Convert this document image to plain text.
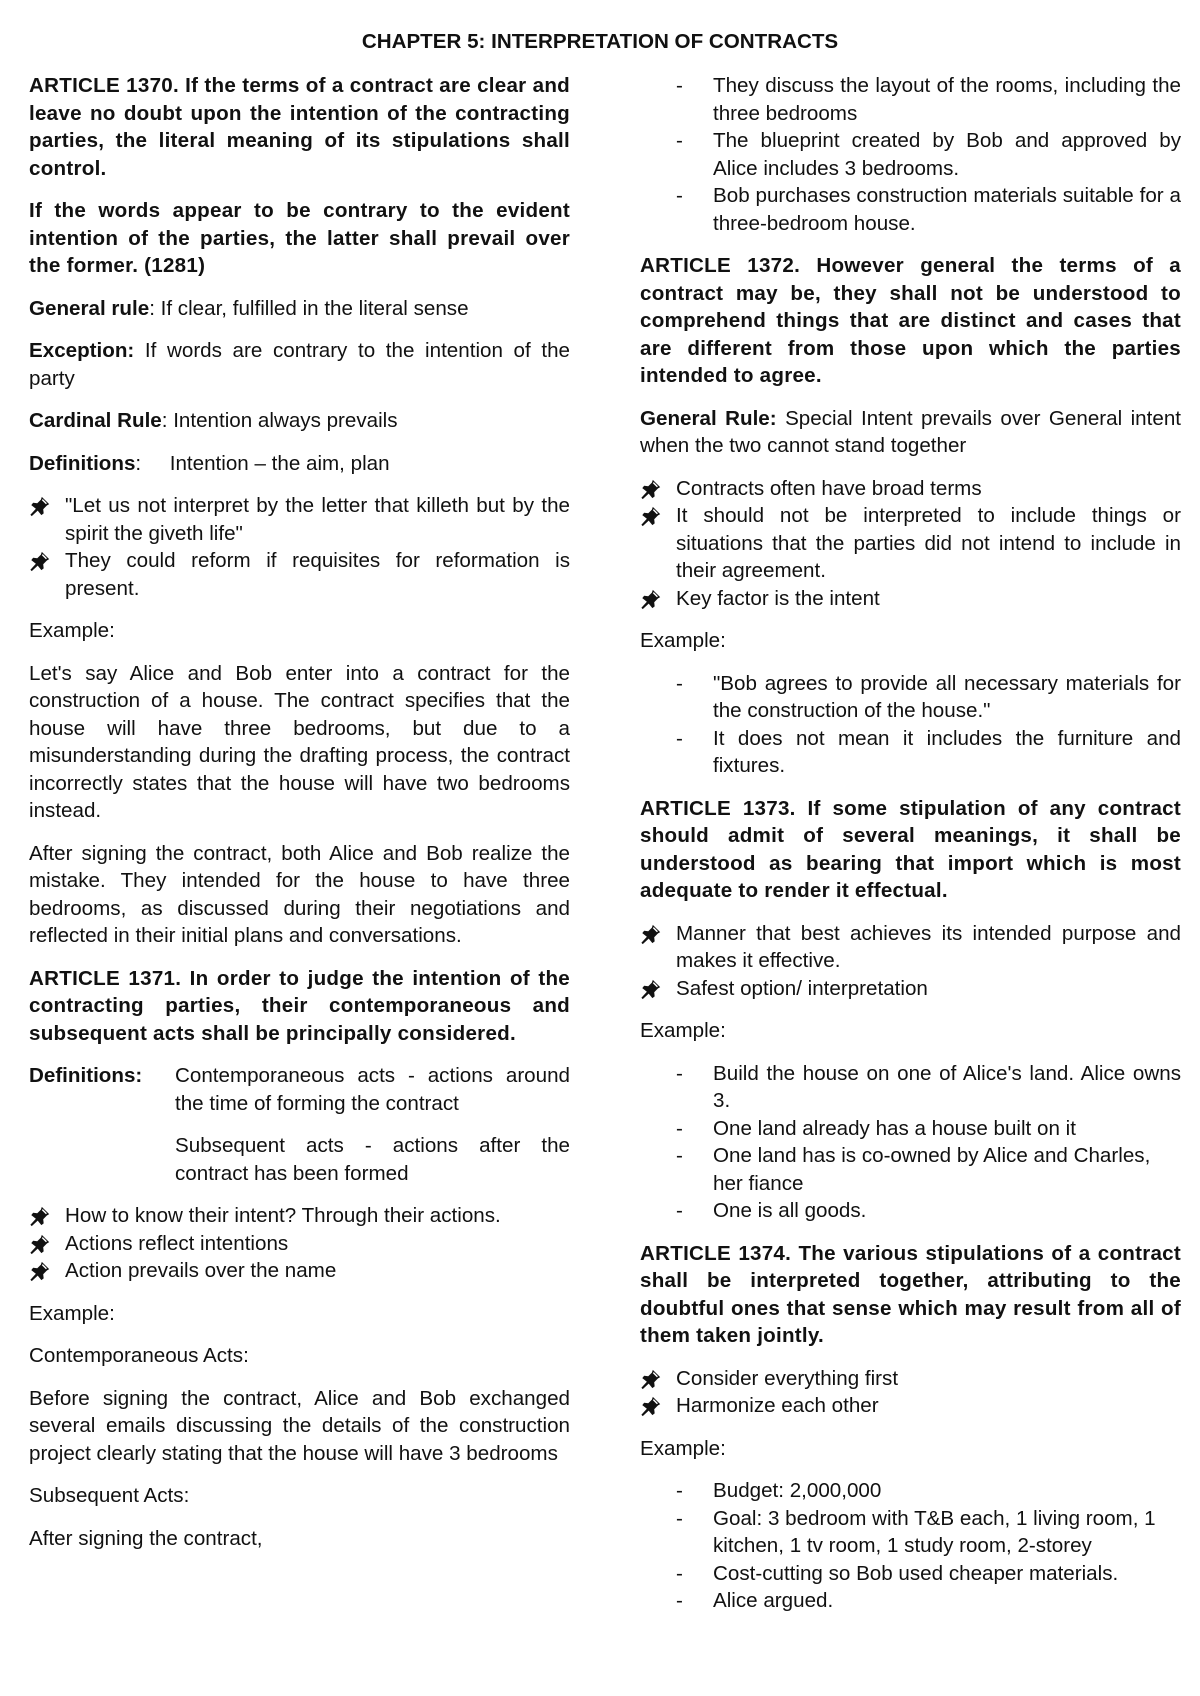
CHAPTER 5: INTERPRETATION OF CONTRACTS

ARTICLE 1370. If the terms of a contract are clear and leave no doubt upon the intention of the contracting parties, the literal meaning of its stipulations shall control.

If the words appear to be contrary to the evident intention of the parties, the latter shall prevail over the former. (1281)

General rule: If clear, fulfilled in the literal sense

Exception: If words are contrary to the intention of the party

Cardinal Rule: Intention always prevails

Definitions:     Intention – the aim, plan

"Let us not interpret by the letter that killeth but by the spirit the giveth life"
They could reform if requisites for reformation is present.

Example:

Let's say Alice and Bob enter into a contract for the construction of a house. The contract specifies that the house will have three bedrooms, but due to a misunderstanding during the drafting process, the contract incorrectly states that the house will have two bedrooms instead.

After signing the contract, both Alice and Bob realize the mistake. They intended for the house to have three bedrooms, as discussed during their negotiations and reflected in their initial plans and conversations.

ARTICLE 1371. In order to judge the intention of the contracting parties, their contemporaneous and subsequent acts shall be principally considered.

Definitions:	Contemporaneous acts - actions around the time of forming the contract

Subsequent acts - actions after the contract has been formed

How to know their intent? Through their actions.
Actions reflect intentions
Action prevails over the name

Example:

Contemporaneous Acts:

Before signing the contract, Alice and Bob exchanged several emails discussing the details of the construction project clearly stating that the house will have 3 bedrooms

Subsequent Acts:

After signing the contract,

- They discuss the layout of the rooms, including the three bedrooms
- The blueprint created by Bob and approved by Alice includes 3 bedrooms.
- Bob purchases construction materials suitable for a three-bedroom house.

ARTICLE 1372. However general the terms of a contract may be, they shall not be understood to comprehend things that are distinct and cases that are different from those upon which the parties intended to agree.

General Rule: Special Intent prevails over General intent when the two cannot stand together

Contracts often have broad terms
It should not be interpreted to include things or situations that the parties did not intend to include in their agreement.
Key factor is the intent

Example:

- "Bob agrees to provide all necessary materials for the construction of the house."
- It does not mean it includes the furniture and fixtures.

ARTICLE 1373. If some stipulation of any contract should admit of several meanings, it shall be understood as bearing that import which is most adequate to render it effectual.

Manner that best achieves its intended purpose and makes it effective.
Safest option/ interpretation

Example:

- Build the house on one of Alice's land. Alice owns 3.
- One land already has a house built on it
- One land has is co-owned by Alice and Charles, her fiance
- One is all goods.

ARTICLE 1374. The various stipulations of a contract shall be interpreted together, attributing to the doubtful ones that sense which may result from all of them taken jointly.

Consider everything first
Harmonize each other

Example:

- Budget: 2,000,000
- Goal: 3 bedroom with T&B each, 1 living room, 1 kitchen, 1 tv room, 1 study room, 2-storey
- Cost-cutting so Bob used cheaper materials.
- Alice argued.
